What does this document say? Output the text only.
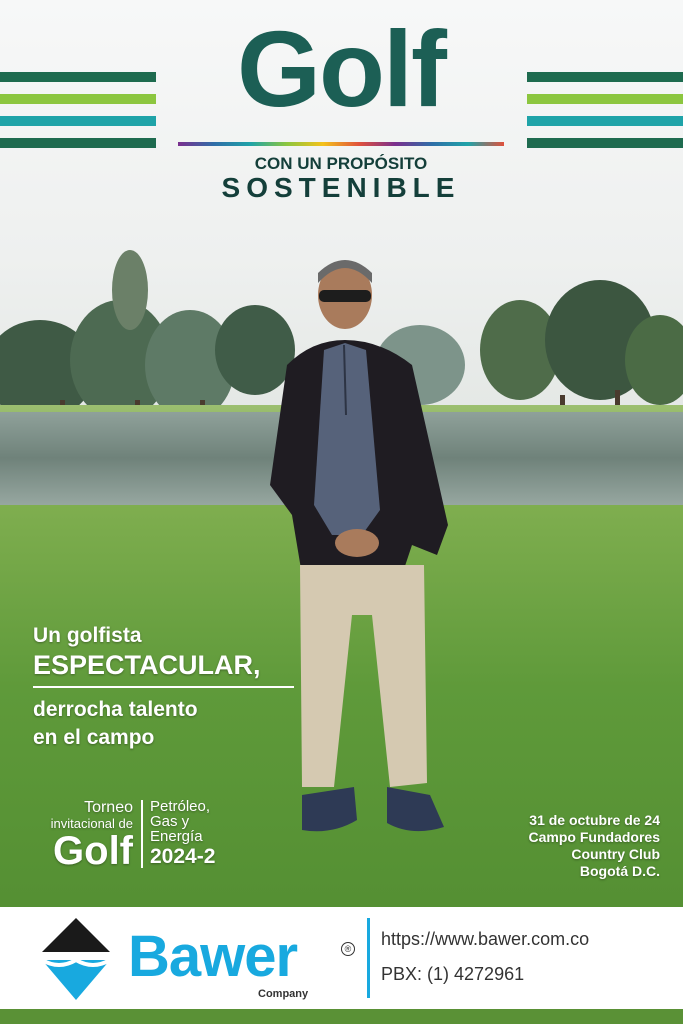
Golf
CON UN PROPÓSITO
SOSTENIBLE
Un golfista
ESPECTACULAR,
derrocha talento
en el campo
Torneo
invitacional de
Golf
Petróleo,
Gas y
Energía
2024-2
31 de octubre de 24
Campo Fundadores
Country Club
Bogotá D.C.
Bawer	®
Company
https://www.bawer.com.co
PBX: (1) 4272961
